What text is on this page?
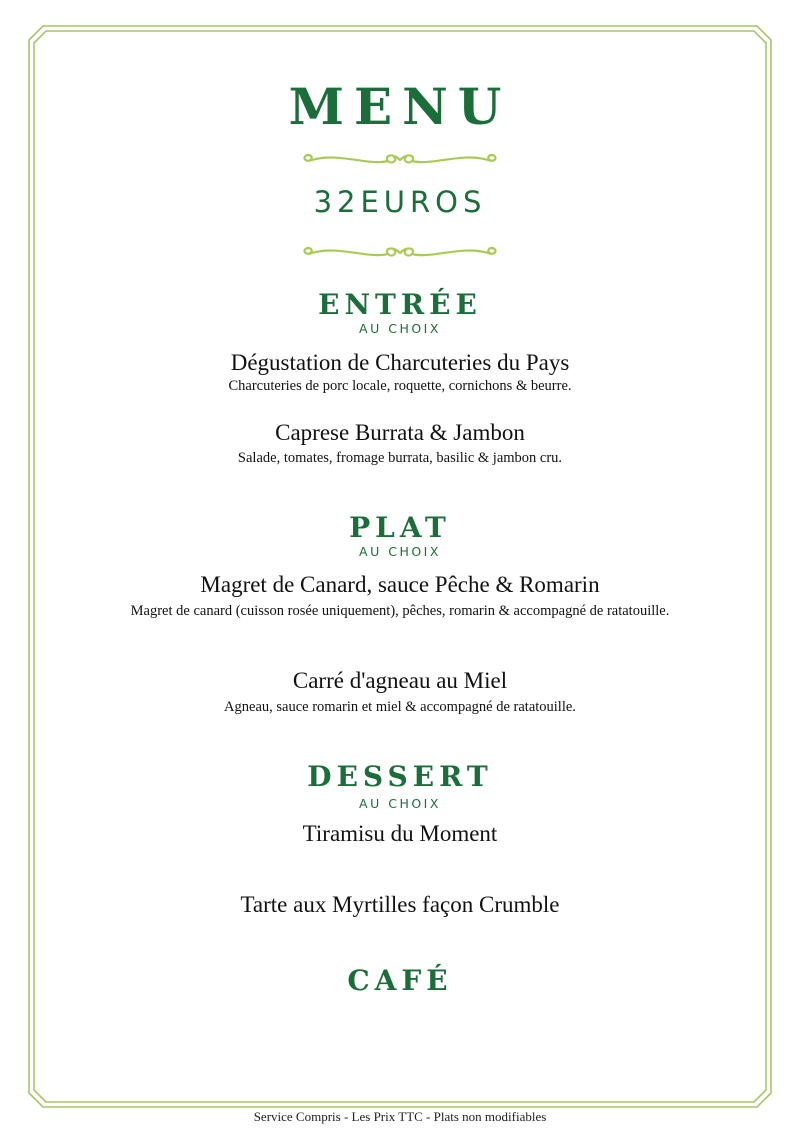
MENU
32EUROS
ENTRÉE
AU CHOIX
Dégustation de Charcuteries du Pays
Charcuteries de porc locale, roquette, cornichons & beurre.
Caprese Burrata & Jambon
Salade, tomates, fromage burrata, basilic & jambon cru.
PLAT
AU CHOIX
Magret de Canard, sauce Pêche & Romarin
Magret de canard (cuisson rosée uniquement), pêches, romarin & accompagné de ratatouille.
Carré d'agneau au Miel
Agneau, sauce romarin et miel & accompagné de ratatouille.
DESSERT
AU CHOIX
Tiramisu du Moment
Tarte aux Myrtilles façon Crumble
CAFÉ
Service Compris - Les Prix TTC - Plats non modifiables
